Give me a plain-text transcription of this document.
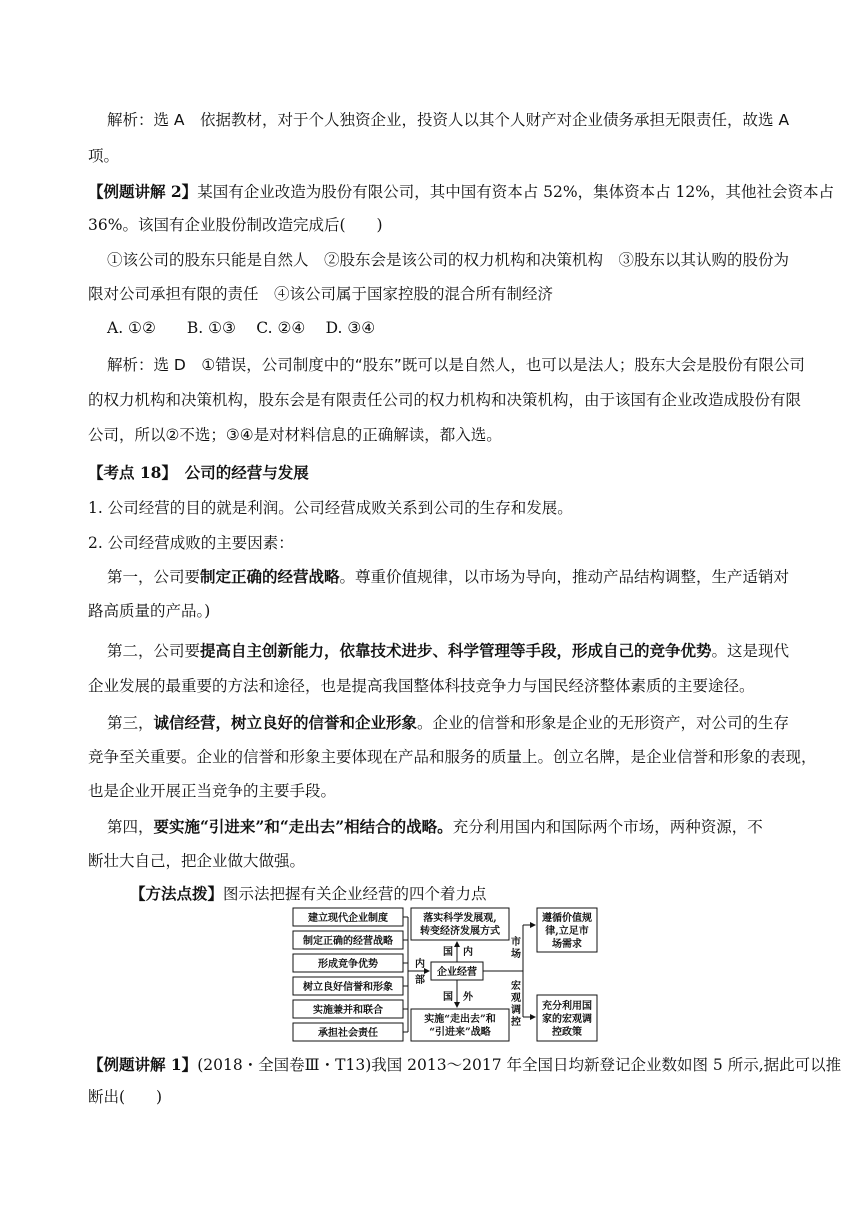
解析：选 A　依据教材，对于个人独资企业，投资人以其个人财产对企业债务承担无限责任，故选 A
项。
【例题讲解 2】某国有企业改造为股份有限公司，其中国有资本占 52%，集体资本占 12%，其他社会资本占
36%。该国有企业股份制改造完成后(　　)
①该公司的股东只能是自然人　②股东会是该公司的权力机构和决策机构　③股东以其认购的股份为
限对公司承担有限的责任　④该公司属于国家控股的混合所有制经济
A. ①②　　B. ①③　 C. ②④　 D. ③④
解析：选 D　①错误，公司制度中的“股东”既可以是自然人，也可以是法人；股东大会是股份有限公司
的权力机构和决策机构，股东会是有限责任公司的权力机构和决策机构，由于该国有企业改造成股份有限
公司，所以②不选；③④是对材料信息的正确解读，都入选。
【考点 18】　公司的经营与发展
1. 公司经营的目的就是利润。公司经营成败关系到公司的生存和发展。
2. 公司经营成败的主要因素：
第一，公司要制定正确的经营战略。尊重价值规律，以市场为导向，推动产品结构调整，生产适销对
路高质量的产品。)
第二，公司要提高自主创新能力，依靠技术进步、科学管理等手段，形成自己的竞争优势。这是现代
企业发展的最重要的方法和途径，也是提高我国整体科技竞争力与国民经济整体素质的主要途径。
第三，诚信经营，树立良好的信誉和企业形象。企业的信誉和形象是企业的无形资产，对公司的生存
竞争至关重要。企业的信誉和形象主要体现在产品和服务的质量上。创立名牌，是企业信誉和形象的表现，
也是企业开展正当竞争的主要手段。
第四，要实施“引进来”和“走出去”相结合的战略。充分利用国内和国际两个市场，两种资源，不
断壮大自己，把企业做大做强。
【方法点拨】图示法把握有关企业经营的四个着力点
建立现代企业制度
制定正确的经营战略
形成竞争优势
树立良好信誉和形象
实施兼并和联合
承担社会责任
内
部
企业经营
落实科学发展观,
转变经济发展方式
国　内
实施“走出去”和
“引进来”战略
国　外
市
场
宏
观
调
控
遵循价值规
律,立足市
场需求
充分利用国
家的宏观调
控政策
【例题讲解 1】(2018・全国卷Ⅲ・T13)我国 2013～2017 年全国日均新登记企业数如图 5 所示,据此可以推
断出(　　)
